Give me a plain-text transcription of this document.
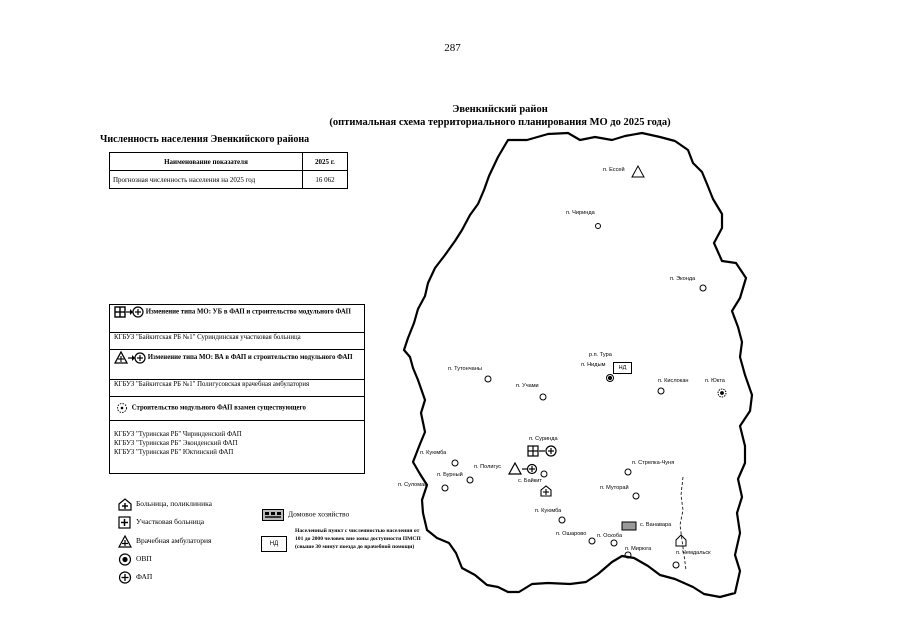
287
Эвенкийский район
(оптимальная схема территориального планирования МО до 2025 года)
Численность населения Эвенкийского района
Наименование показателя	2025 г.
Прогнозная численность населения на 2025 год	16 062
Изменение типа МО: УБ в ФАП и строительство модульного ФАП
КГБУЗ "Байкитская РБ №1" Суриндинская участковая больница
Изменение типа МО: ВА в ФАП и строительство модульного ФАП
КГБУЗ "Байкитская РБ №1" Полигусовская врачебная амбулатория
Строительство модульного ФАП взамен существующего
КГБУЗ "Туринская РБ" Чиринденский ФАП
КГБУЗ "Туринская РБ" Эконденский ФАП
КГБУЗ "Туринская РБ" Юктинский ФАП
Больница, поликлиника
Участковая больница
Врачебная амбулатория
ОВП
ФАП
Домовое хозяйство
НД
Населенный пункт с численностью населения от 101 до 2000 человек вне зоны доступности ПМСП (свыше 30 минут поезда до врачебной помощи)
НД
п. Ессей
п. Чиринда
п. Эконда
р.п. Тура
п. Нидым
п. Кислокан	п. Юкта
п. Тутончаны
п. Учами
п. Суринда
п. Куюмба
п. Полигус
п. Бурный
п. Суломай
с. Байкит
п. Стрелка-Чуня
п. Муторай
п. Куюмба
п. Ошарово п. Оскоба
с. Ванавара
п. Мирюга
п. Чемдальск
